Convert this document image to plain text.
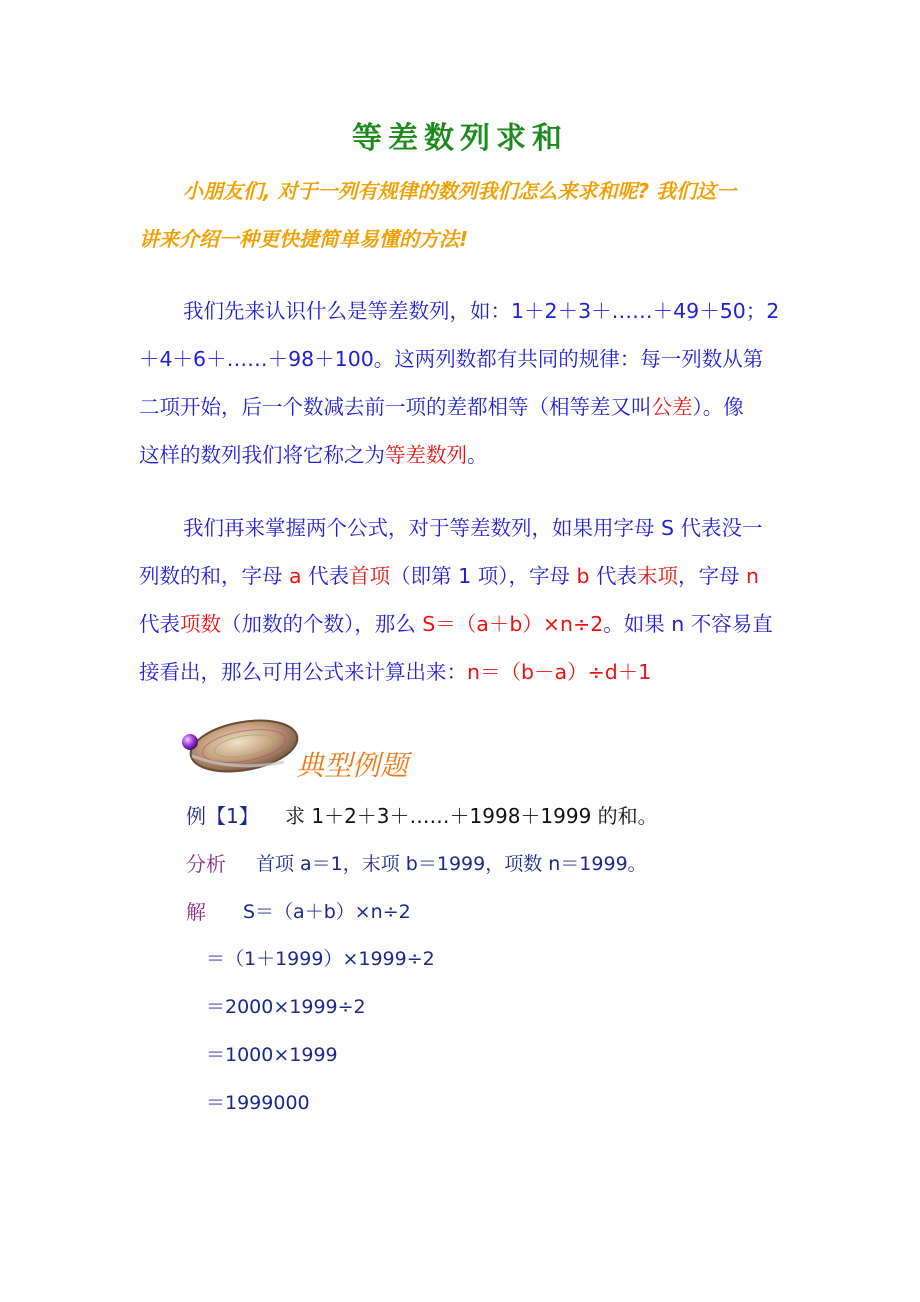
等差数列求和
小朋友们, 对于一列有规律的数列我们怎么来求和呢? 我们这一
讲来介绍一种更快捷简单易懂的方法!
我们先来认识什么是等差数列，如：1＋2＋3＋……＋49＋50；2
＋4＋6＋……＋98＋100。这两列数都有共同的规律：每一列数从第
二项开始，后一个数减去前一项的差都相等（相等差又叫公差）。像
这样的数列我们将它称之为等差数列。
我们再来掌握两个公式，对于等差数列，如果用字母 S 代表没一
列数的和，字母 a 代表首项（即第 1 项），字母 b 代表末项，字母 n
代表项数（加数的个数），那么 S＝（a＋b）×n÷2。如果 n 不容易直
接看出，那么可用公式来计算出来：n＝（b－a）÷d＋1
典型例题
例【1】 求 1＋2＋3＋……＋1998＋1999 的和。
分析 首项 a＝1，末项 b＝1999，项数 n＝1999。
解 S＝（a＋b）×n÷2
＝（1＋1999）×1999÷2
＝2000×1999÷2
＝1000×1999
＝1999000
